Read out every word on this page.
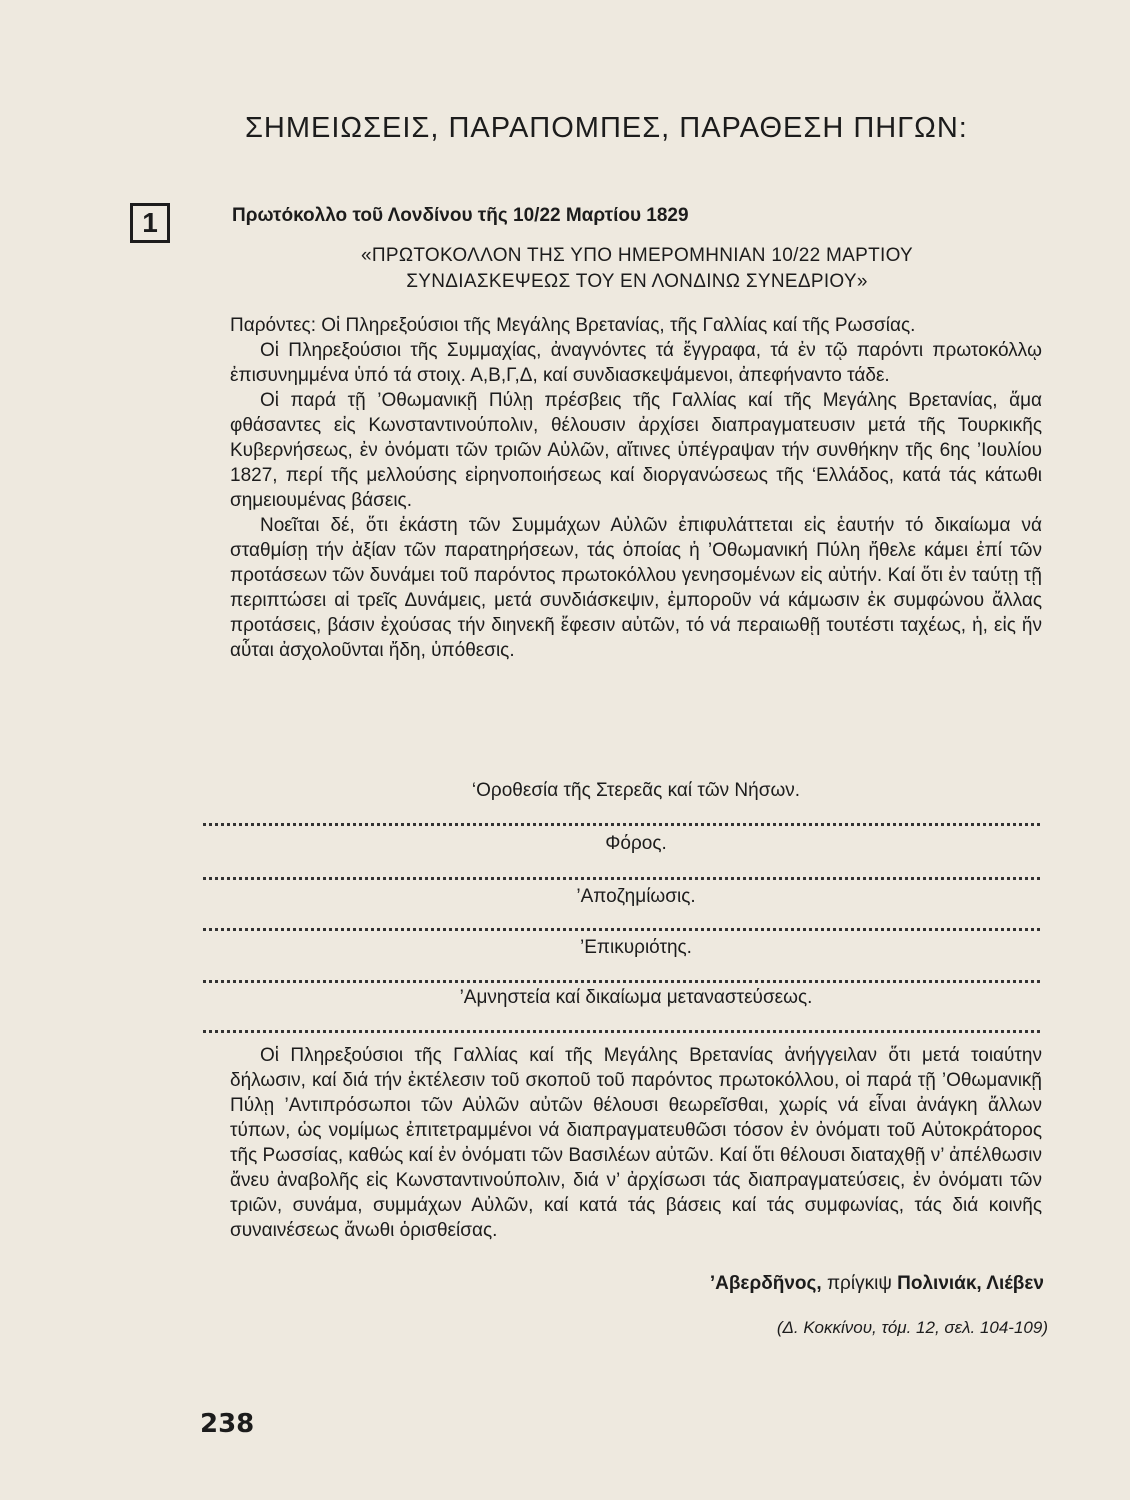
ΣΗΜΕΙΩΣΕΙΣ, ΠΑΡΑΠΟΜΠΕΣ, ΠΑΡΑΘΕΣΗ ΠΗΓΩΝ:
1	Πρωτόκολλο τοῦ Λονδίνου τῆς 10/22 Μαρτίου 1829
«ΠΡΩΤΟΚΟΛΛΟΝ ΤΗΣ ΥΠΟ ΗΜΕΡΟΜΗΝΙΑΝ 10/22 ΜΑΡΤΙΟΥ
ΣΥΝΔΙΑΣΚΕΨΕΩΣ ΤΟΥ ΕΝ ΛΟΝΔΙΝΩ ΣΥΝΕΔΡΙΟΥ»

Παρόντες: Οἱ Πληρεξούσιοι τῆς Μεγάλης Βρετανίας, τῆς Γαλλίας καί τῆς Ρωσσίας.

Οἱ Πληρεξούσιοι τῆς Συμμαχίας, ἀναγνόντες τά ἔγγραφα, τά ἐν τῷ παρόντι πρωτοκόλλῳ ἐπισυνημμένα ὑπό τά στοιχ. Α,Β,Γ,Δ, καί συνδιασκεψάμενοι, ἀπεφήναντο τάδε.

Οἱ παρά τῇ ’Οθωμανικῇ Πύλῃ πρέσβεις τῆς Γαλλίας καί τῆς Μεγάλης Βρετανίας, ἅμα φθάσαντες εἰς Κωνσταντινούπολιν, θέλουσιν ἀρχίσει διαπραγματευσιν μετά τῆς Τουρκικῆς Κυβερνήσεως, ἐν ὀνόματι τῶν τριῶν Αὐλῶν, αἵτινες ὑπέγραψαν τήν συνθήκην τῆς 6ης ’Ιουλίου 1827, περί τῆς μελλούσης εἰρηνοποιήσεως καί διοργανώσεως τῆς ‘Ελλάδος, κατά τάς κάτωθι σημειουμένας βάσεις.

Νοεῖται δέ, ὅτι ἑκάστη τῶν Συμμάχων Αὐλῶν ἐπιφυλάττεται εἰς ἑαυτήν τό δικαίωμα νά σταθμίσῃ τήν ἀξίαν τῶν παρατηρήσεων, τάς ὁποίας ἡ ’Οθωμανική Πύλη ἤθελε κάμει ἐπί τῶν προτάσεων τῶν δυνάμει τοῦ παρόντος πρωτοκόλλου γενησομένων εἰς αὐτήν. Καί ὅτι ἐν ταύτῃ τῇ περιπτώσει αἱ τρεῖς Δυνάμεις, μετά συνδιάσκεψιν, ἐμποροῦν νά κάμωσιν ἐκ συμφώνου ἄλλας προτάσεις, βάσιν ἐχούσας τήν διηνεκῆ ἔφεσιν αὐτῶν, τό νά περαιωθῇ τουτέστι ταχέως, ἡ, εἰς ἥν αὗται ἀσχολοῦνται ἤδη, ὑπόθεσις.

‘Οροθεσία τῆς Στερεᾶς καί τῶν Νήσων.
Φόρος.
’Αποζημίωσις.
’Επικυριότης.
’Αμνηστεία καί δικαίωμα μεταναστεύσεως.

Οἱ Πληρεξούσιοι τῆς Γαλλίας καί τῆς Μεγάλης Βρετανίας ἀνήγγειλαν ὅτι μετά τοιαύτην δήλωσιν, καί διά τήν ἐκτέλεσιν τοῦ σκοποῦ τοῦ παρόντος πρωτοκόλλου, οἱ παρά τῇ ’Οθωμανικῇ Πύλῃ ’Αντιπρόσωποι τῶν Αὐλῶν αὐτῶν θέλουσι θεωρεῖσθαι, χωρίς νά εἶναι ἀνάγκη ἄλλων τύπων, ὡς νομίμως ἐπιτετραμμένοι νά διαπραγματευθῶσι τόσον ἐν ὀνόματι τοῦ Αὐτοκράτορος τῆς Ρωσσίας, καθώς καί ἐν ὀνόματι τῶν Βασιλέων αὐτῶν. Καί ὅτι θέλουσι διαταχθῇ ν’ ἀπέλθωσιν ἄνευ ἀναβολῆς εἰς Κωνσταντινούπολιν, διά ν’ ἀρχίσωσι τάς διαπραγματεύσεις, ἐν ὀνόματι τῶν τριῶν, συνάμα, συμμάχων Αὐλῶν, καί κατά τάς βάσεις καί τάς συμφωνίας, τάς διά κοινῆς συναινέσεως ἄνωθι ὁρισθείσας.

’Αβερδῆνος, πρίγκιψ Πολινιάκ, Λιέβεν
(Δ. Κοκκίνου, τόμ. 12, σελ. 104-109)
238
